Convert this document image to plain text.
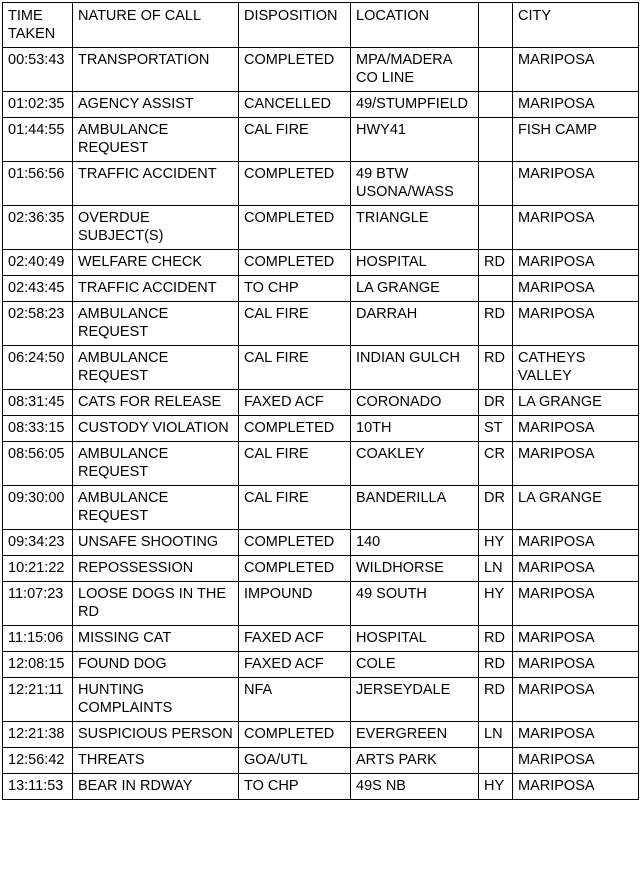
TIME TAKEN	NATURE OF CALL	DISPOSITION	LOCATION		CITY
00:53:43	TRANSPORTATION	COMPLETED	MPA/MADERA CO LINE		MARIPOSA
01:02:35	AGENCY ASSIST	CANCELLED	49/STUMPFIELD		MARIPOSA
01:44:55	AMBULANCE REQUEST	CAL FIRE	HWY41		FISH CAMP
01:56:56	TRAFFIC ACCIDENT	COMPLETED	49 BTW USONA/WASS		MARIPOSA
02:36:35	OVERDUE SUBJECT(S)	COMPLETED	TRIANGLE		MARIPOSA
02:40:49	WELFARE CHECK	COMPLETED	HOSPITAL	RD	MARIPOSA
02:43:45	TRAFFIC ACCIDENT	TO CHP	LA GRANGE		MARIPOSA
02:58:23	AMBULANCE REQUEST	CAL FIRE	DARRAH	RD	MARIPOSA
06:24:50	AMBULANCE REQUEST	CAL FIRE	INDIAN GULCH	RD	CATHEYS VALLEY
08:31:45	CATS FOR RELEASE	FAXED ACF	CORONADO	DR	LA GRANGE
08:33:15	CUSTODY VIOLATION	COMPLETED	10TH	ST	MARIPOSA
08:56:05	AMBULANCE REQUEST	CAL FIRE	COAKLEY	CR	MARIPOSA
09:30:00	AMBULANCE REQUEST	CAL FIRE	BANDERILLA	DR	LA GRANGE
09:34:23	UNSAFE SHOOTING	COMPLETED	140	HY	MARIPOSA
10:21:22	REPOSSESSION	COMPLETED	WILDHORSE	LN	MARIPOSA
11:07:23	LOOSE DOGS IN THE RD	IMPOUND	49 SOUTH	HY	MARIPOSA
11:15:06	MISSING CAT	FAXED ACF	HOSPITAL	RD	MARIPOSA
12:08:15	FOUND DOG	FAXED ACF	COLE	RD	MARIPOSA
12:21:11	HUNTING COMPLAINTS	NFA	JERSEYDALE	RD	MARIPOSA
12:21:38	SUSPICIOUS PERSON	COMPLETED	EVERGREEN	LN	MARIPOSA
12:56:42	THREATS	GOA/UTL	ARTS PARK		MARIPOSA
13:11:53	BEAR IN RDWAY	TO CHP	49S NB	HY	MARIPOSA
